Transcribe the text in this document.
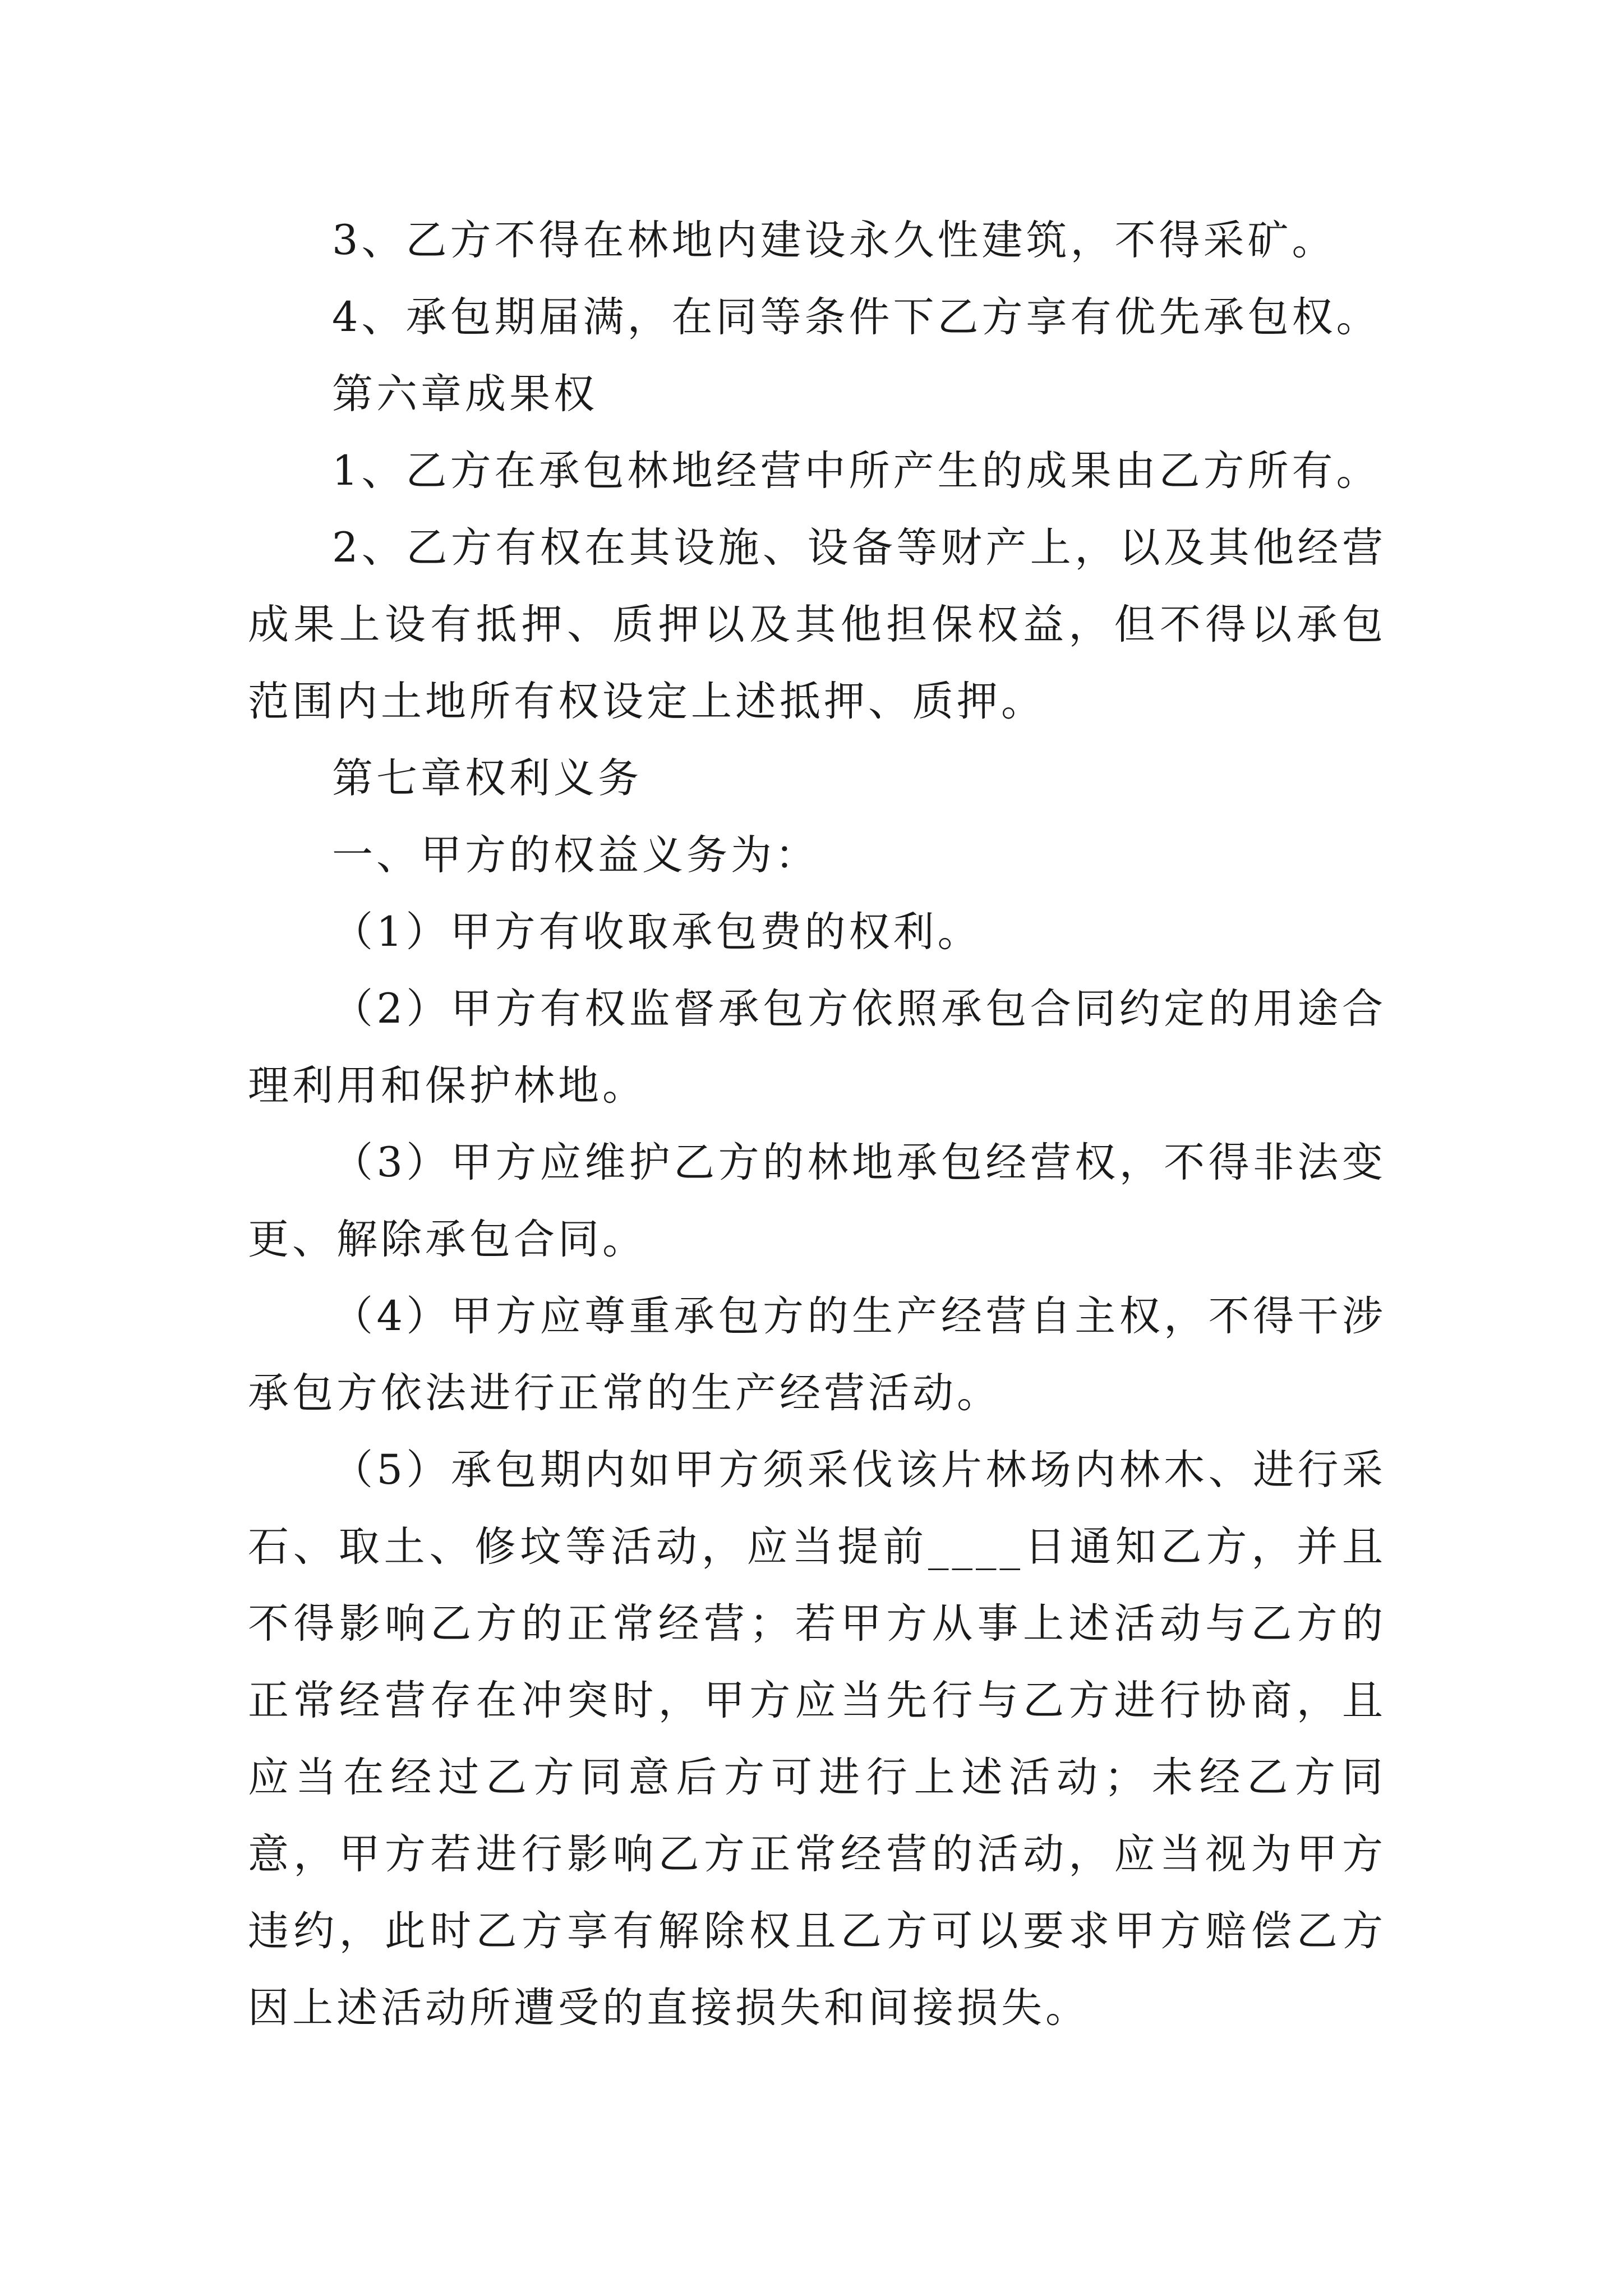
3、乙方不得在林地内建设永久性建筑，不得采矿。

4、承包期届满，在同等条件下乙方享有优先承包权。

第六章成果权

1、乙方在承包林地经营中所产生的成果由乙方所有。

2、乙方有权在其设施、设备等财产上，以及其他经营成果上设有抵押、质押以及其他担保权益，但不得以承包范围内土地所有权设定上述抵押、质押。

第七章权利义务

一、甲方的权益义务为：

（1）甲方有收取承包费的权利。

（2）甲方有权监督承包方依照承包合同约定的用途合理利用和保护林地。

（3）甲方应维护乙方的林地承包经营权，不得非法变更、解除承包合同。

（4）甲方应尊重承包方的生产经营自主权，不得干涉承包方依法进行正常的生产经营活动。

（5）承包期内如甲方须采伐该片林场内林木、进行采石、取土、修坟等活动，应当提前____日通知乙方，并且不得影响乙方的正常经营；若甲方从事上述活动与乙方的正常经营存在冲突时，甲方应当先行与乙方进行协商，且应当在经过乙方同意后方可进行上述活动；未经乙方同意，甲方若进行影响乙方正常经营的活动，应当视为甲方违约，此时乙方享有解除权且乙方可以要求甲方赔偿乙方因上述活动所遭受的直接损失和间接损失。
